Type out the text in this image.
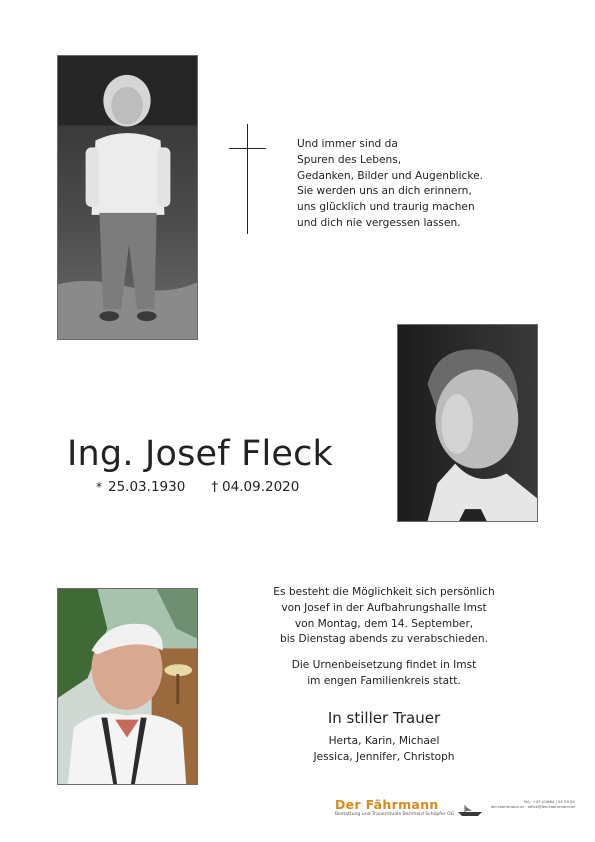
Und immer sind da
Spuren des Lebens,
Gedanken, Bilder und Augenblicke.
Sie werden uns an dich erinnern,
uns glücklich und traurig machen
und dich nie vergessen lassen.
Ing. Josef Fleck
* 25.03.1930 † 04.09.2020
Es besteht die Möglichkeit sich persönlich
von Josef in der Aufbahrungshalle Imst
von Montag, dem 14. September,
bis Dienstag abends zu verabschieden.
Die Urnenbeisetzung findet in Imst
im engen Familienkreis statt.
In stiller Trauer
Herta, Karin, Michael
Jessica, Jennifer, Christoph
Der Fährmann
Bestattung und Trauerrituale Bernhard Schöpfer OG
Tel.: +43 (0)664 / 91 59 60
der-faehrmann.at · office@der-faehrmann.at
